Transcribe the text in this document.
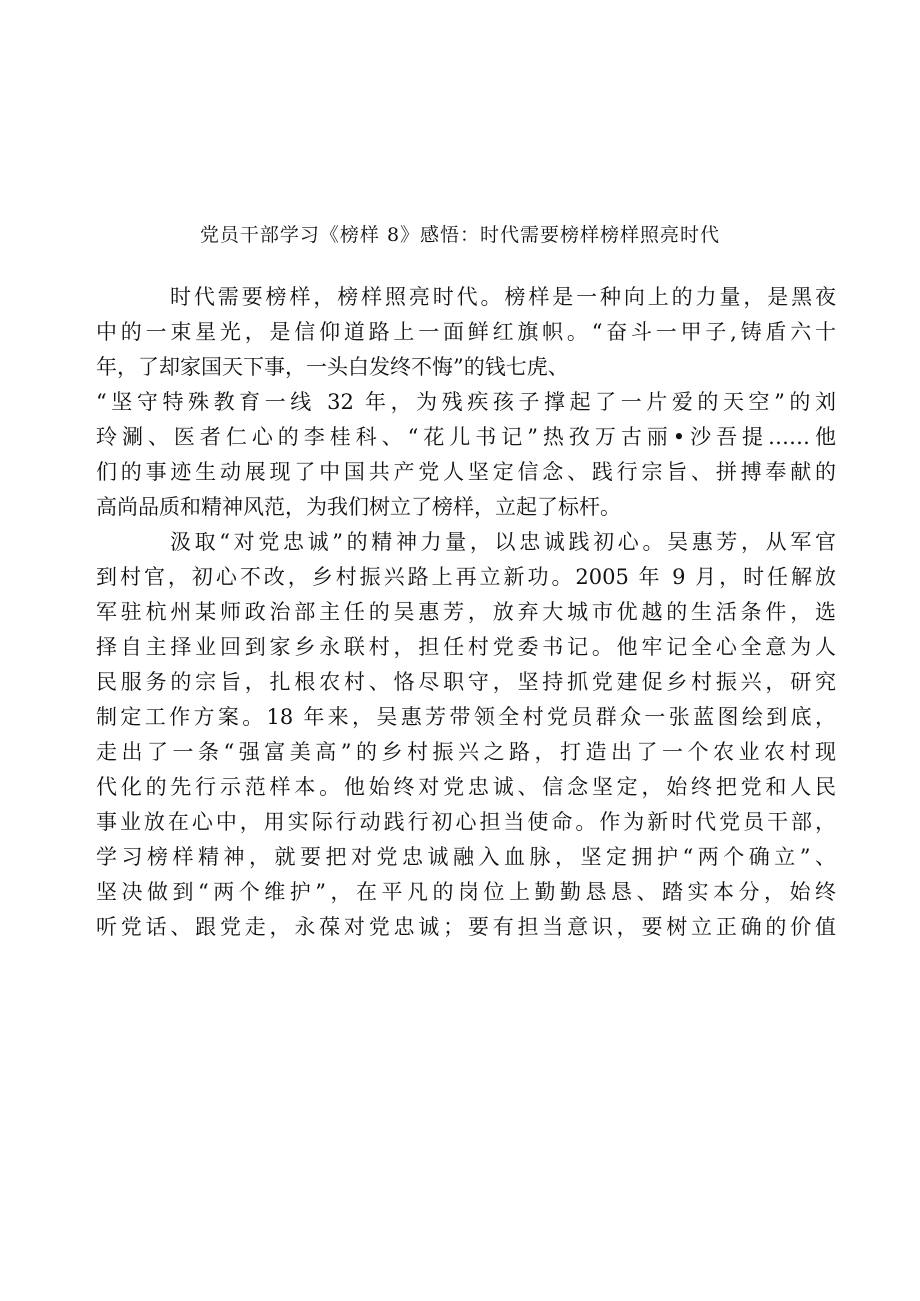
党员干部学习《榜样 8》感悟：时代需要榜样榜样照亮时代
时代需要榜样，榜样照亮时代。榜样是一种向上的力量，是黑夜
中的一束星光，是信仰道路上一面鲜红旗帜。“奋斗一甲子,铸盾六十
年，了却家国天下事，一头白发终不悔”的钱七虎、
“坚守特殊教育一线 32 年，为残疾孩子撑起了一片爱的天空”的刘
玲涮、医者仁心的李桂科、“花儿书记”热孜万古丽•沙吾提……他
们的事迹生动展现了中国共产党人坚定信念、践行宗旨、拼搏奉献的
高尚品质和精神风范，为我们树立了榜样，立起了标杆。
汲取“对党忠诚”的精神力量，以忠诚践初心。吴惠芳，从军官
到村官，初心不改，乡村振兴路上再立新功。2005 年 9 月，时任解放
军驻杭州某师政治部主任的吴惠芳，放弃大城市优越的生活条件，选
择自主择业回到家乡永联村，担任村党委书记。他牢记全心全意为人
民服务的宗旨，扎根农村、恪尽职守，坚持抓党建促乡村振兴，研究
制定工作方案。18 年来，吴惠芳带领全村党员群众一张蓝图绘到底，
走出了一条“强富美高”的乡村振兴之路，打造出了一个农业农村现
代化的先行示范样本。他始终对党忠诚、信念坚定，始终把党和人民
事业放在心中，用实际行动践行初心担当使命。作为新时代党员干部，
学习榜样精神，就要把对党忠诚融入血脉，坚定拥护“两个确立”、
坚决做到“两个维护”，在平凡的岗位上勤勤恳恳、踏实本分，始终
听党话、跟党走，永葆对党忠诚；要有担当意识，要树立正确的价值
